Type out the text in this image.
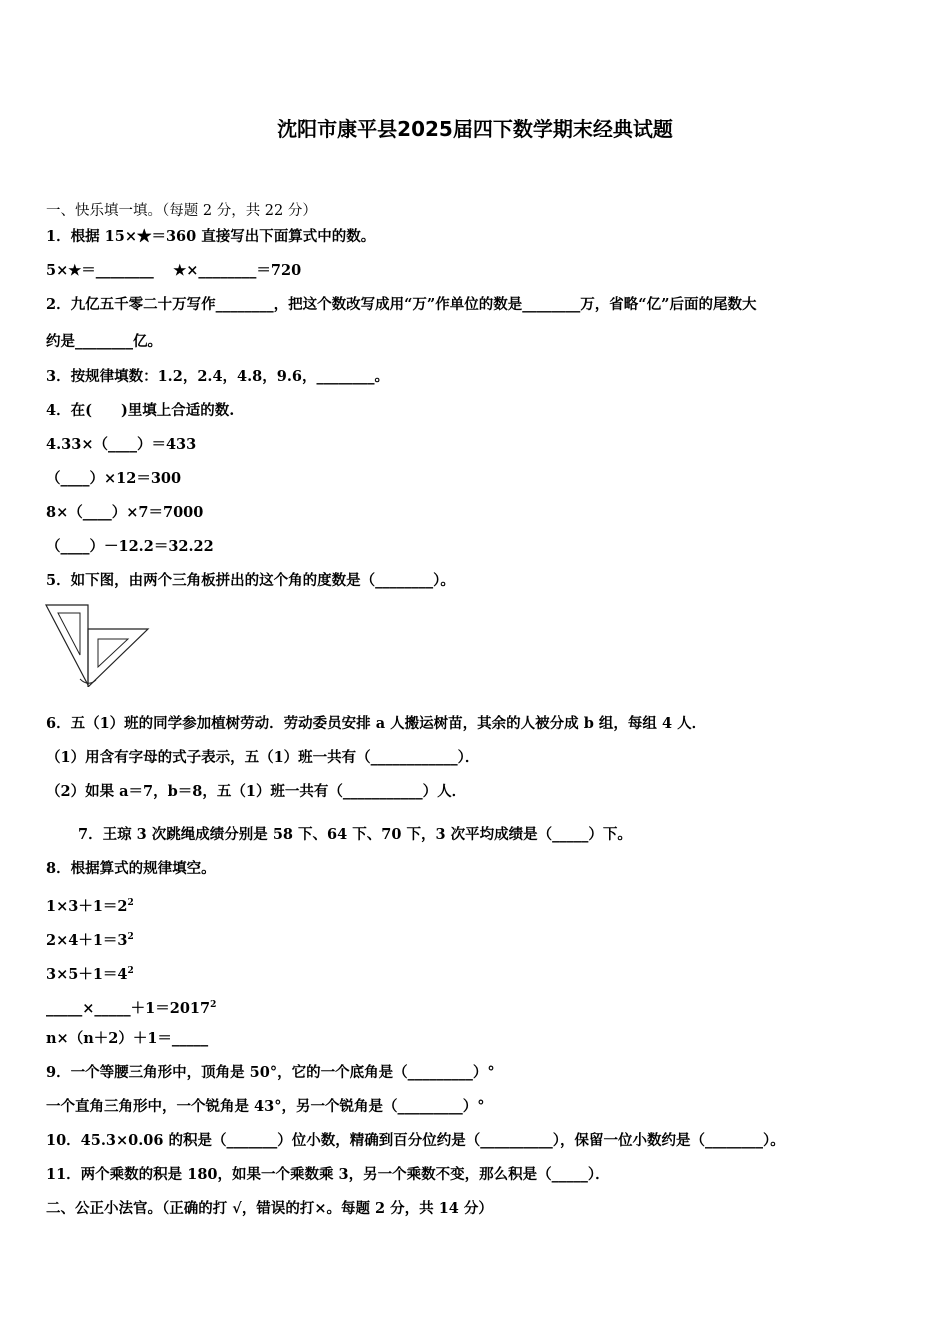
沈阳市康平县2025届四下数学期末经典试题
一、快乐填一填。（每题 2 分，共 22 分）
1．根据 15×★＝360 直接写出下面算式中的数。
5×★＝________　 ★×________＝720
2．九亿五千零二十万写作________，把这个数改写成用“万”作单位的数是________万，省略“亿”后面的尾数大
约是________亿。
3．按规律填数：1.2，2.4，4.8，9.6，________。
4．在(　　)里填上合适的数.
4.33×（____）＝433
（____）×12＝300
8×（____）×7＝7000
（____）－12.2＝32.22
5．如下图，由两个三角板拼出的这个角的度数是（________）。
6．五（1）班的同学参加植树劳动．劳动委员安排 a 人搬运树苗，其余的人被分成 b 组，每组 4 人．
（1）用含有字母的式子表示，五（1）班一共有（____________）．
（2）如果 a＝7，b＝8，五（1）班一共有（___________）人．
7．王琼 3 次跳绳成绩分别是 58 下、64 下、70 下，3 次平均成绩是（_____）下。
8．根据算式的规律填空。
$1\times 3+1=2^2$
$2\times 4+1=3^2$
$3\times 5+1=4^2$
$\_\_\_\_\_\times\_\_\_\_\_+1=2017^2$
n×（n＋2）＋1＝_____
9．一个等腰三角形中，顶角是 50°，它的一个底角是（_________）°
一个直角三角形中，一个锐角是 43°，另一个锐角是（_________）°
10．45.3×0.06 的积是（_______）位小数，精确到百分位约是（__________），保留一位小数约是（________）。
11．两个乘数的积是 180，如果一个乘数乘 3，另一个乘数不变，那么积是（_____）．
二、公正小法官。（正确的打 √，错误的打×。每题 2 分，共 14 分）
